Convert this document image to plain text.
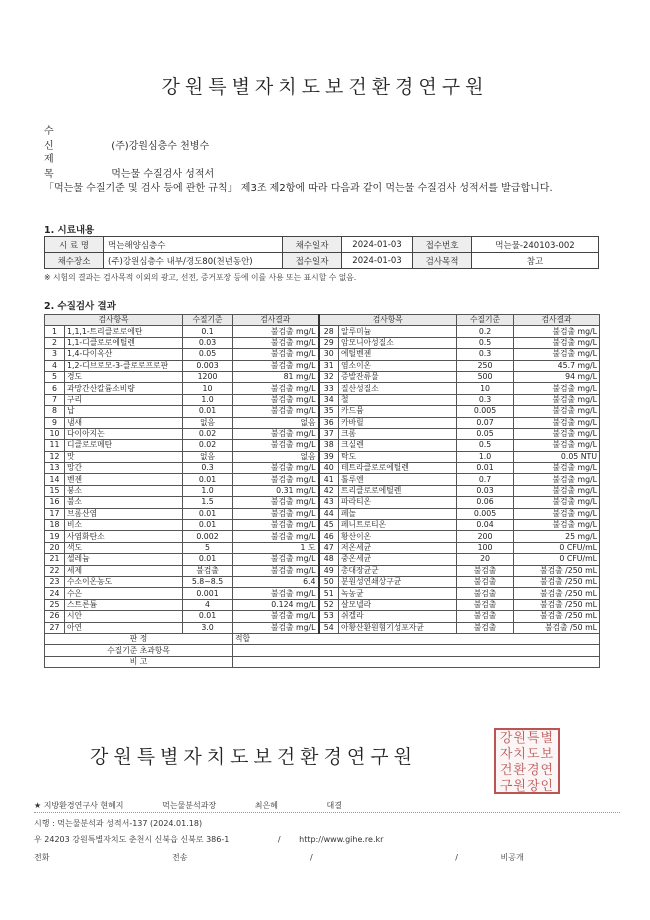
강원특별자치도보건환경연구원
수 신	(주)강원심층수 천병수
제 목	먹는물 수질검사 성적서
「먹는물 수질기준 및 검사 등에 관한 규칙」 제3조 제2항에 따라 다음과 같이 먹는물 수질검사 성적서를 발급합니다.
1. 시료내용
시 료 명	먹는해양심층수	채수일자	2024-01-03	접수번호	먹는물-240103-002
채수장소	(주)강원심층수 내부/경도80(천년동안)	접수일자	2024-01-03	검사목적	참고
※ 시험의 결과는 검사목적 이외의 광고, 선전, 증거포장 등에 이를 사용 또는 표시할 수 없음.
2. 수질검사 결과
검사항목		수질기준	검사결과	검사항목		수질기준	검사결과
1	1,1,1-트리클로로에탄	0.1	불검출 mg/L	28	알루미늄	0.2	불검출 mg/L
2	1,1-디클로로에틸렌	0.03	불검출 mg/L	29	암모니아성질소	0.5	불검출 mg/L
3	1,4-다이옥산	0.05	불검출 mg/L	30	에틸벤젠	0.3	불검출 mg/L
4	1,2-디브로모-3-클로로프로판	0.003	불검출 mg/L	31	염소이온	250	45.7 mg/L
5	경도	1200	81 mg/L	32	증발잔류물	500	94 mg/L
6	과망간산칼륨소비량	10	불검출 mg/L	33	질산성질소	10	불검출 mg/L
7	구리	1.0	불검출 mg/L	34	철	0.3	불검출 mg/L
8	납	0.01	불검출 mg/L	35	카드뮴	0.005	불검출 mg/L
9	냄새	없음	없음	36	카바릴	0.07	불검출 mg/L
10	다이아지논	0.02	불검출 mg/L	37	크롬	0.05	불검출 mg/L
11	디클로로메탄	0.02	불검출 mg/L	38	크실렌	0.5	불검출 mg/L
12	맛	없음	없음	39	탁도	1.0	0.05 NTU
13	망간	0.3	불검출 mg/L	40	테트라클로로에틸렌	0.01	불검출 mg/L
14	벤젠	0.01	불검출 mg/L	41	톨루엔	0.7	불검출 mg/L
15	붕소	1.0	0.31 mg/L	42	트리클로로에틸렌	0.03	불검출 mg/L
16	불소	1.5	불검출 mg/L	43	파라티온	0.06	불검출 mg/L
17	브롬산염	0.01	불검출 mg/L	44	페놀	0.005	불검출 mg/L
18	비소	0.01	불검출 mg/L	45	페니트로티온	0.04	불검출 mg/L
19	사염화탄소	0.002	불검출 mg/L	46	황산이온	200	25 mg/L
20	색도	5	1 도	47	저온세균	100	0 CFU/mL
21	셀레늄	0.01	불검출 mg/L	48	중온세균	20	0 CFU/mL
22	세제	불검출	불검출 mg/L	49	총대장균군	불검출	불검출 /250 mL
23	수소이온농도	5.8~8.5	6.4	50	분원성연쇄상구균	불검출	불검출 /250 mL
24	수은	0.001	불검출 mg/L	51	녹농균	불검출	불검출 /250 mL
25	스트론튬	4	0.124 mg/L	52	살모넬라	불검출	불검출 /250 mL
26	시안	0.01	불검출 mg/L	53	쉬겔라	불검출	불검출 /250 mL
27	아연	3.0	불검출 mg/L	54	아황산환원혐기성포자균	불검출	불검출 /50 mL
판 정			적합				
수질기준 초과항목							
비 고							
강원특별자치도보건환경연구원
강원특별
자치도보
건환경연
구원장인
★ 지방환경연구사 현혜지	먹는물분석과장	최은혜	대결
시행 : 먹는물분석과 성적서-137 (2024.01.18)
우 24203 강원특별자치도 춘천시 신북읍 신북로 386-1	/ http://www.gihe.re.kr
전화	전송	/	/	비공개
